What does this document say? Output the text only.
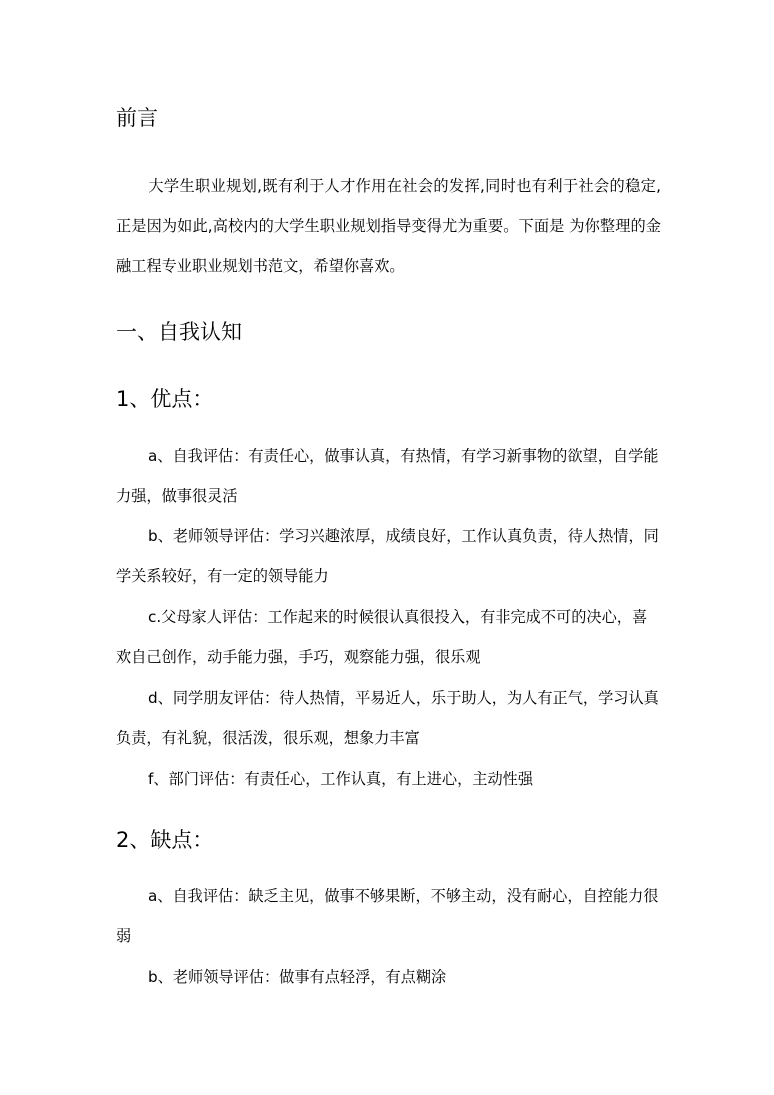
前言

大学生职业规划,既有利于人才作用在社会的发挥,同时也有利于社会的稳定,正是因为如此,高校内的大学生职业规划指导变得尤为重要。下面是 为你整理的金融工程专业职业规划书范文，希望你喜欢。

一、自我认知
1、优点：

a、自我评估：有责任心，做事认真，有热情，有学习新事物的欲望，自学能力强，做事很灵活

b、老师领导评估：学习兴趣浓厚，成绩良好，工作认真负责，待人热情，同学关系较好，有一定的领导能力

c.父母家人评估：工作起来的时候很认真很投入，有非完成不可的决心，喜欢自己创作，动手能力强，手巧，观察能力强，很乐观

d、同学朋友评估：待人热情，平易近人，乐于助人，为人有正气，学习认真负责，有礼貌，很活泼，很乐观，想象力丰富

f、部门评估：有责任心，工作认真，有上进心，主动性强

2、缺点：

a、自我评估：缺乏主见，做事不够果断，不够主动，没有耐心，自控能力很弱

b、老师领导评估：做事有点轻浮，有点糊涂
